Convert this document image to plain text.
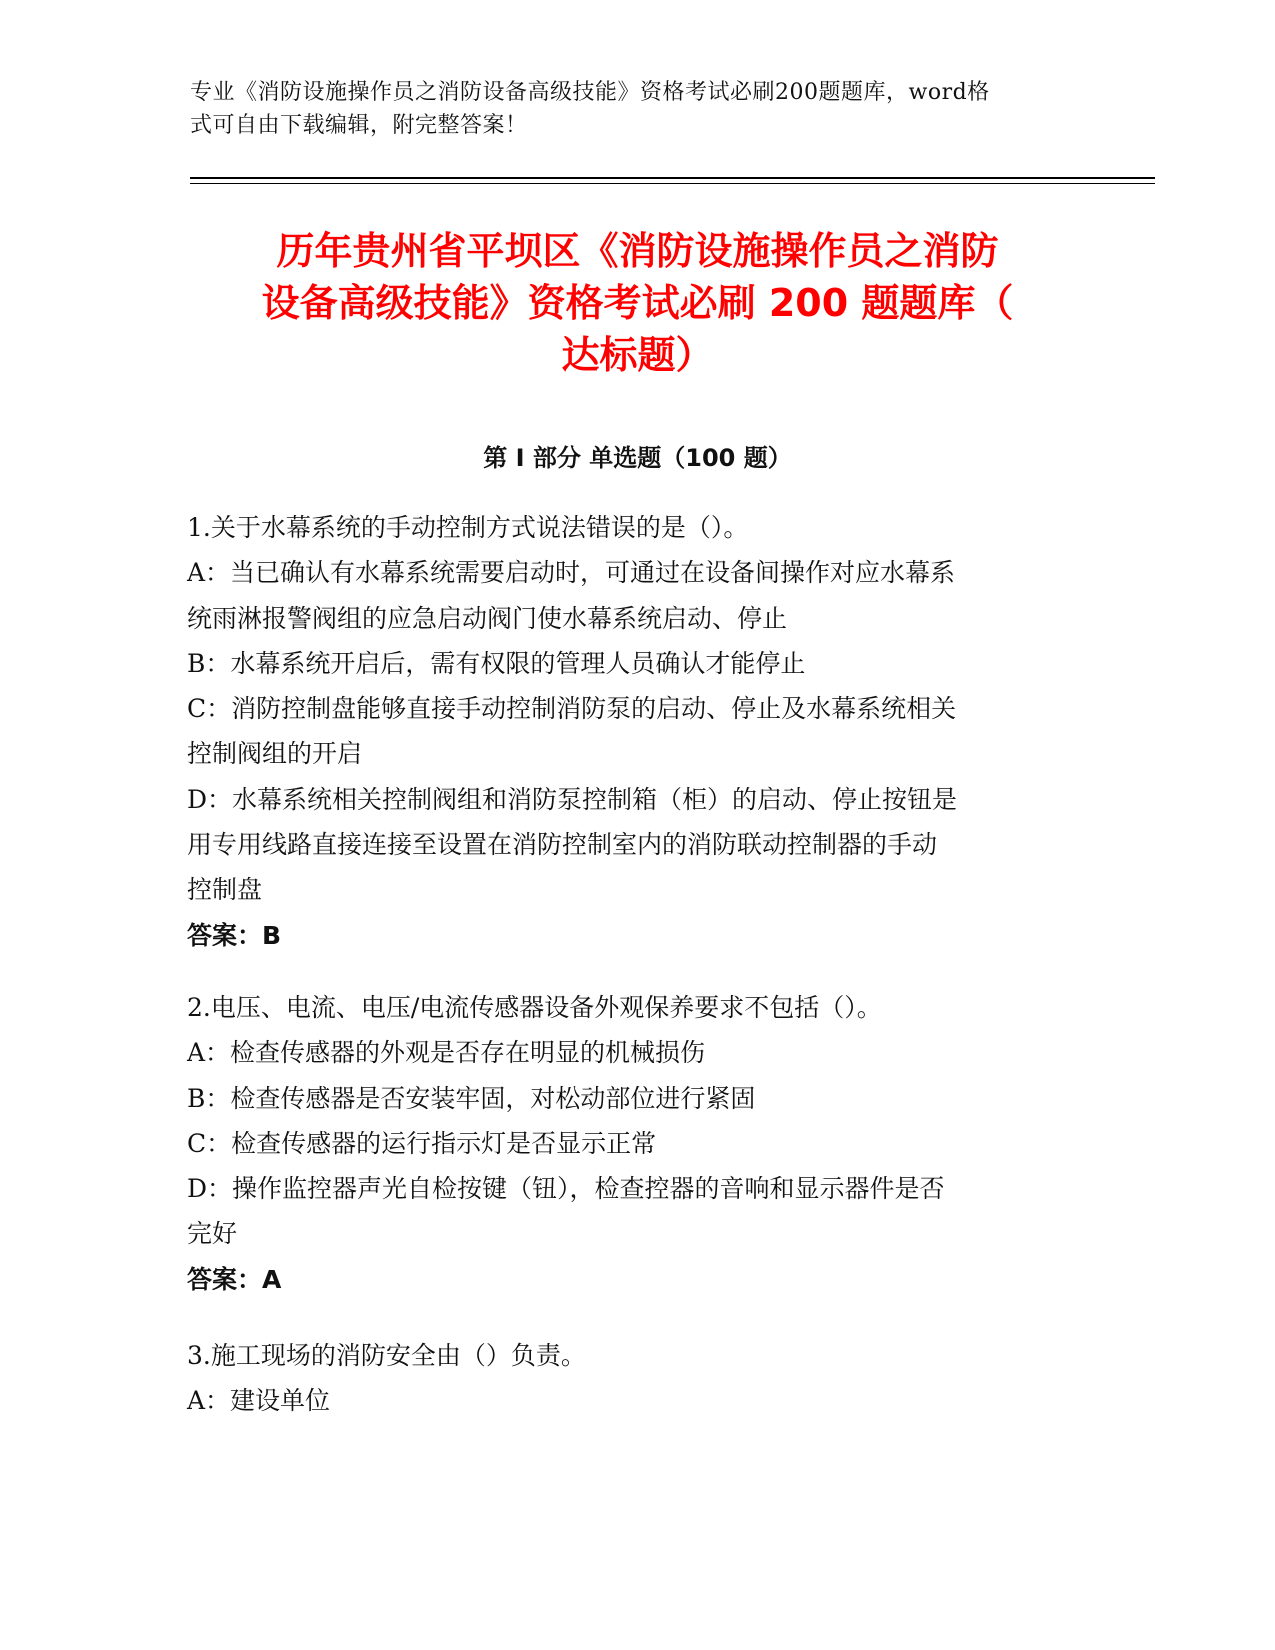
专业《消防设施操作员之消防设备高级技能》资格考试必刷200题题库，word格
式可自由下载编辑，附完整答案！
历年贵州省平坝区《消防设施操作员之消防
设备高级技能》资格考试必刷 200 题题库（
达标题）
第 I 部分 单选题（100 题）
1.关于水幕系统的手动控制方式说法错误的是（）。
A：当已确认有水幕系统需要启动时，可通过在设备间操作对应水幕系
统雨淋报警阀组的应急启动阀门使水幕系统启动、停止
B：水幕系统开启后，需有权限的管理人员确认才能停止
C：消防控制盘能够直接手动控制消防泵的启动、停止及水幕系统相关
控制阀组的开启
D：水幕系统相关控制阀组和消防泵控制箱（柜）的启动、停止按钮是
用专用线路直接连接至设置在消防控制室内的消防联动控制器的手动
控制盘
答案：B
2.电压、电流、电压/电流传感器设备外观保养要求不包括（）。
A：检查传感器的外观是否存在明显的机械损伤
B：检查传感器是否安装牢固，对松动部位进行紧固
C：检查传感器的运行指示灯是否显示正常
D：操作监控器声光自检按键（钮），检查控器的音响和显示器件是否
完好
答案：A
3.施工现场的消防安全由（）负责。
A：建设单位
